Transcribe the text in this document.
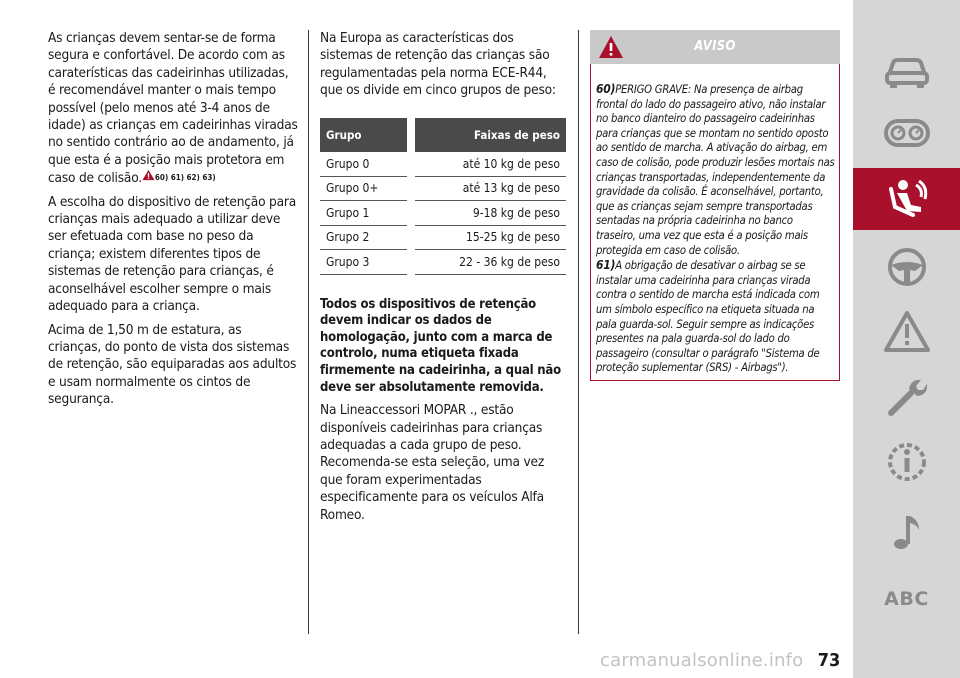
As crianças devem sentar-se de forma segura e confortável. De acordo com as caraterísticas das cadeirinhas utilizadas, é recomendável manter o mais tempo possível (pelo menos até 3-4 anos de idade) as crianças em cadeirinhas viradas no sentido contrário ao de andamento, já que esta é a posição mais protetora em caso de colisão. 60) 61) 62) 63)

A escolha do dispositivo de retenção para crianças mais adequado a utilizar deve ser efetuada com base no peso da criança; existem diferentes tipos de sistemas de retenção para crianças, é aconselhável escolher sempre o mais adequado para a criança.

Acima de 1,50 m de estatura, as crianças, do ponto de vista dos sistemas de retenção, são equiparadas aos adultos e usam normalmente os cintos de segurança.

Na Europa as características dos sistemas de retenção das crianças são regulamentadas pela norma ECE-R44, que os divide em cinco grupos de peso:

Grupo		Faixas de peso
Grupo 0		até 10 kg de peso
Grupo 0+		até 13 kg de peso
Grupo 1		9-18 kg de peso
Grupo 2		15-25 kg de peso
Grupo 3		22 - 36 kg de peso

Todos os dispositivos de retenção devem indicar os dados de homologação, junto com a marca de controlo, numa etiqueta fixada firmemente na cadeirinha, a qual não deve ser absolutamente removida.

Na Lineaccessori MOPAR ., estão disponíveis cadeirinhas para crianças adequadas a cada grupo de peso. Recomenda-se esta seleção, uma vez que foram experimentadas especificamente para os veículos Alfa Romeo.

AVISO
60)PERIGO GRAVE: Na presença de airbag frontal do lado do passageiro ativo, não instalar no banco dianteiro do passageiro cadeirinhas para crianças que se montam no sentido oposto ao sentido de marcha. A ativação do airbag, em caso de colisão, pode produzir lesões mortais nas crianças transportadas, independentemente da gravidade da colisão. É aconselhável, portanto, que as crianças sejam sempre transportadas sentadas na própria cadeirinha no banco traseiro, uma vez que esta é a posição mais protegida em caso de colisão.
61)A obrigação de desativar o airbag se se instalar uma cadeirinha para crianças virada contra o sentido de marcha está indicada com um símbolo específico na etiqueta situada na pala guarda-sol. Seguir sempre as indicações presentes na pala guarda-sol do lado do passageiro (consultar o parágrafo "Sistema de proteção suplementar (SRS) - Airbags").
ABC
carmanualsonline.info 73
